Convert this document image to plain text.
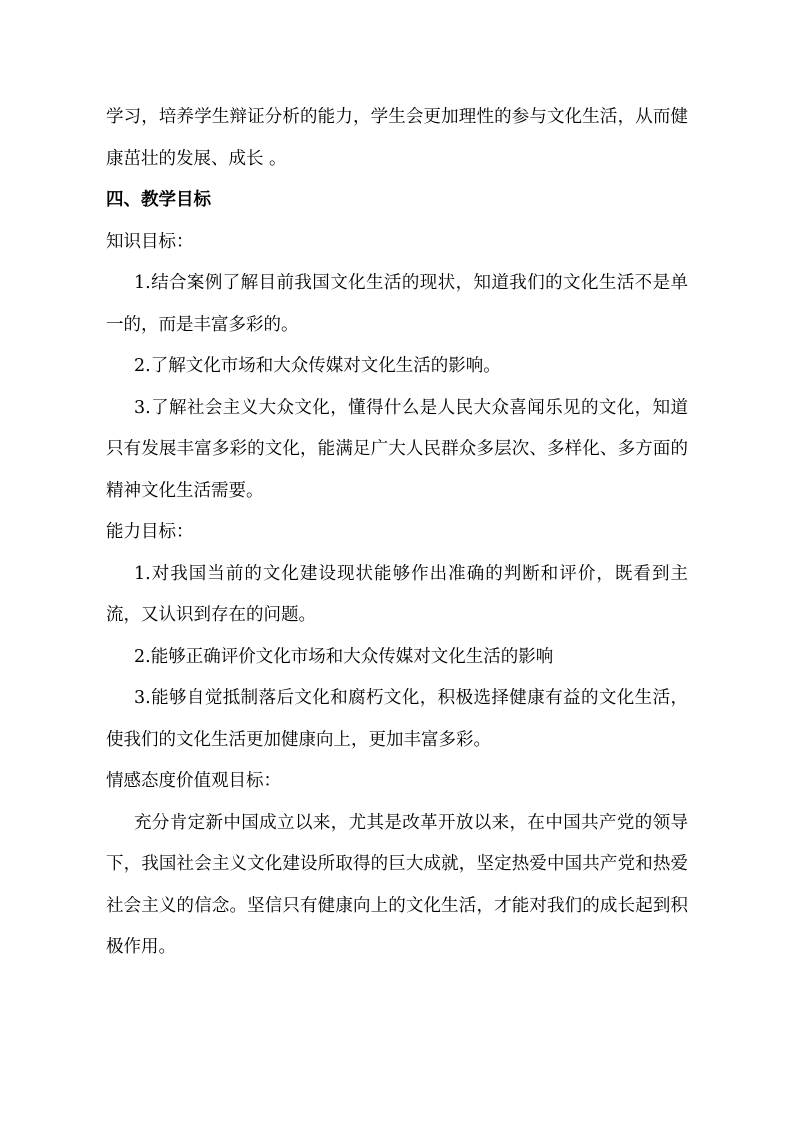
学习，培养学生辩证分析的能力，学生会更加理性的参与文化生活，从而健康茁壮的发展、成长 。

四、教学目标

知识目标：

1.结合案例了解目前我国文化生活的现状，知道我们的文化生活不是单一的，而是丰富多彩的。

2.了解文化市场和大众传媒对文化生活的影响。

3.了解社会主义大众文化，懂得什么是人民大众喜闻乐见的文化，知道只有发展丰富多彩的文化，能满足广大人民群众多层次、多样化、多方面的精神文化生活需要。

能力目标：

1.对我国当前的文化建设现状能够作出准确的判断和评价，既看到主流，又认识到存在的问题。

2.能够正确评价文化市场和大众传媒对文化生活的影响

3.能够自觉抵制落后文化和腐朽文化，积极选择健康有益的文化生活，使我们的文化生活更加健康向上，更加丰富多彩。

情感态度价值观目标：

充分肯定新中国成立以来，尤其是改革开放以来，在中国共产党的领导下，我国社会主义文化建设所取得的巨大成就，坚定热爱中国共产党和热爱社会主义的信念。坚信只有健康向上的文化生活，才能对我们的成长起到积极作用。
